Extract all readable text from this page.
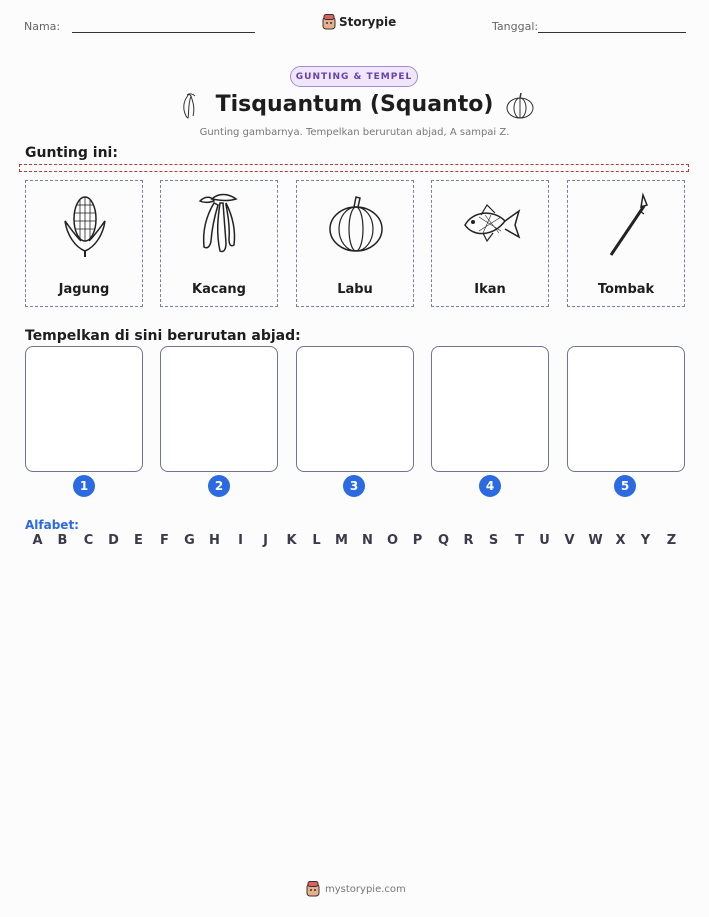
Nama:	Storypie	Tanggal:
GUNTING & TEMPEL
Tisquantum (Squanto)
Gunting gambarnya. Tempelkan berurutan abjad, A sampai Z.
Gunting ini:
Jagung	Kacang	Labu	Ikan	Tombak
Tempelkan di sini berurutan abjad:
1	2	3	4	5
Alfabet:
A	B	C	D	E	F	G	H	I	J	K	L	M	N	O	P	Q	R	S	T	U	V	W X	Y	Z
mystorypie.com
